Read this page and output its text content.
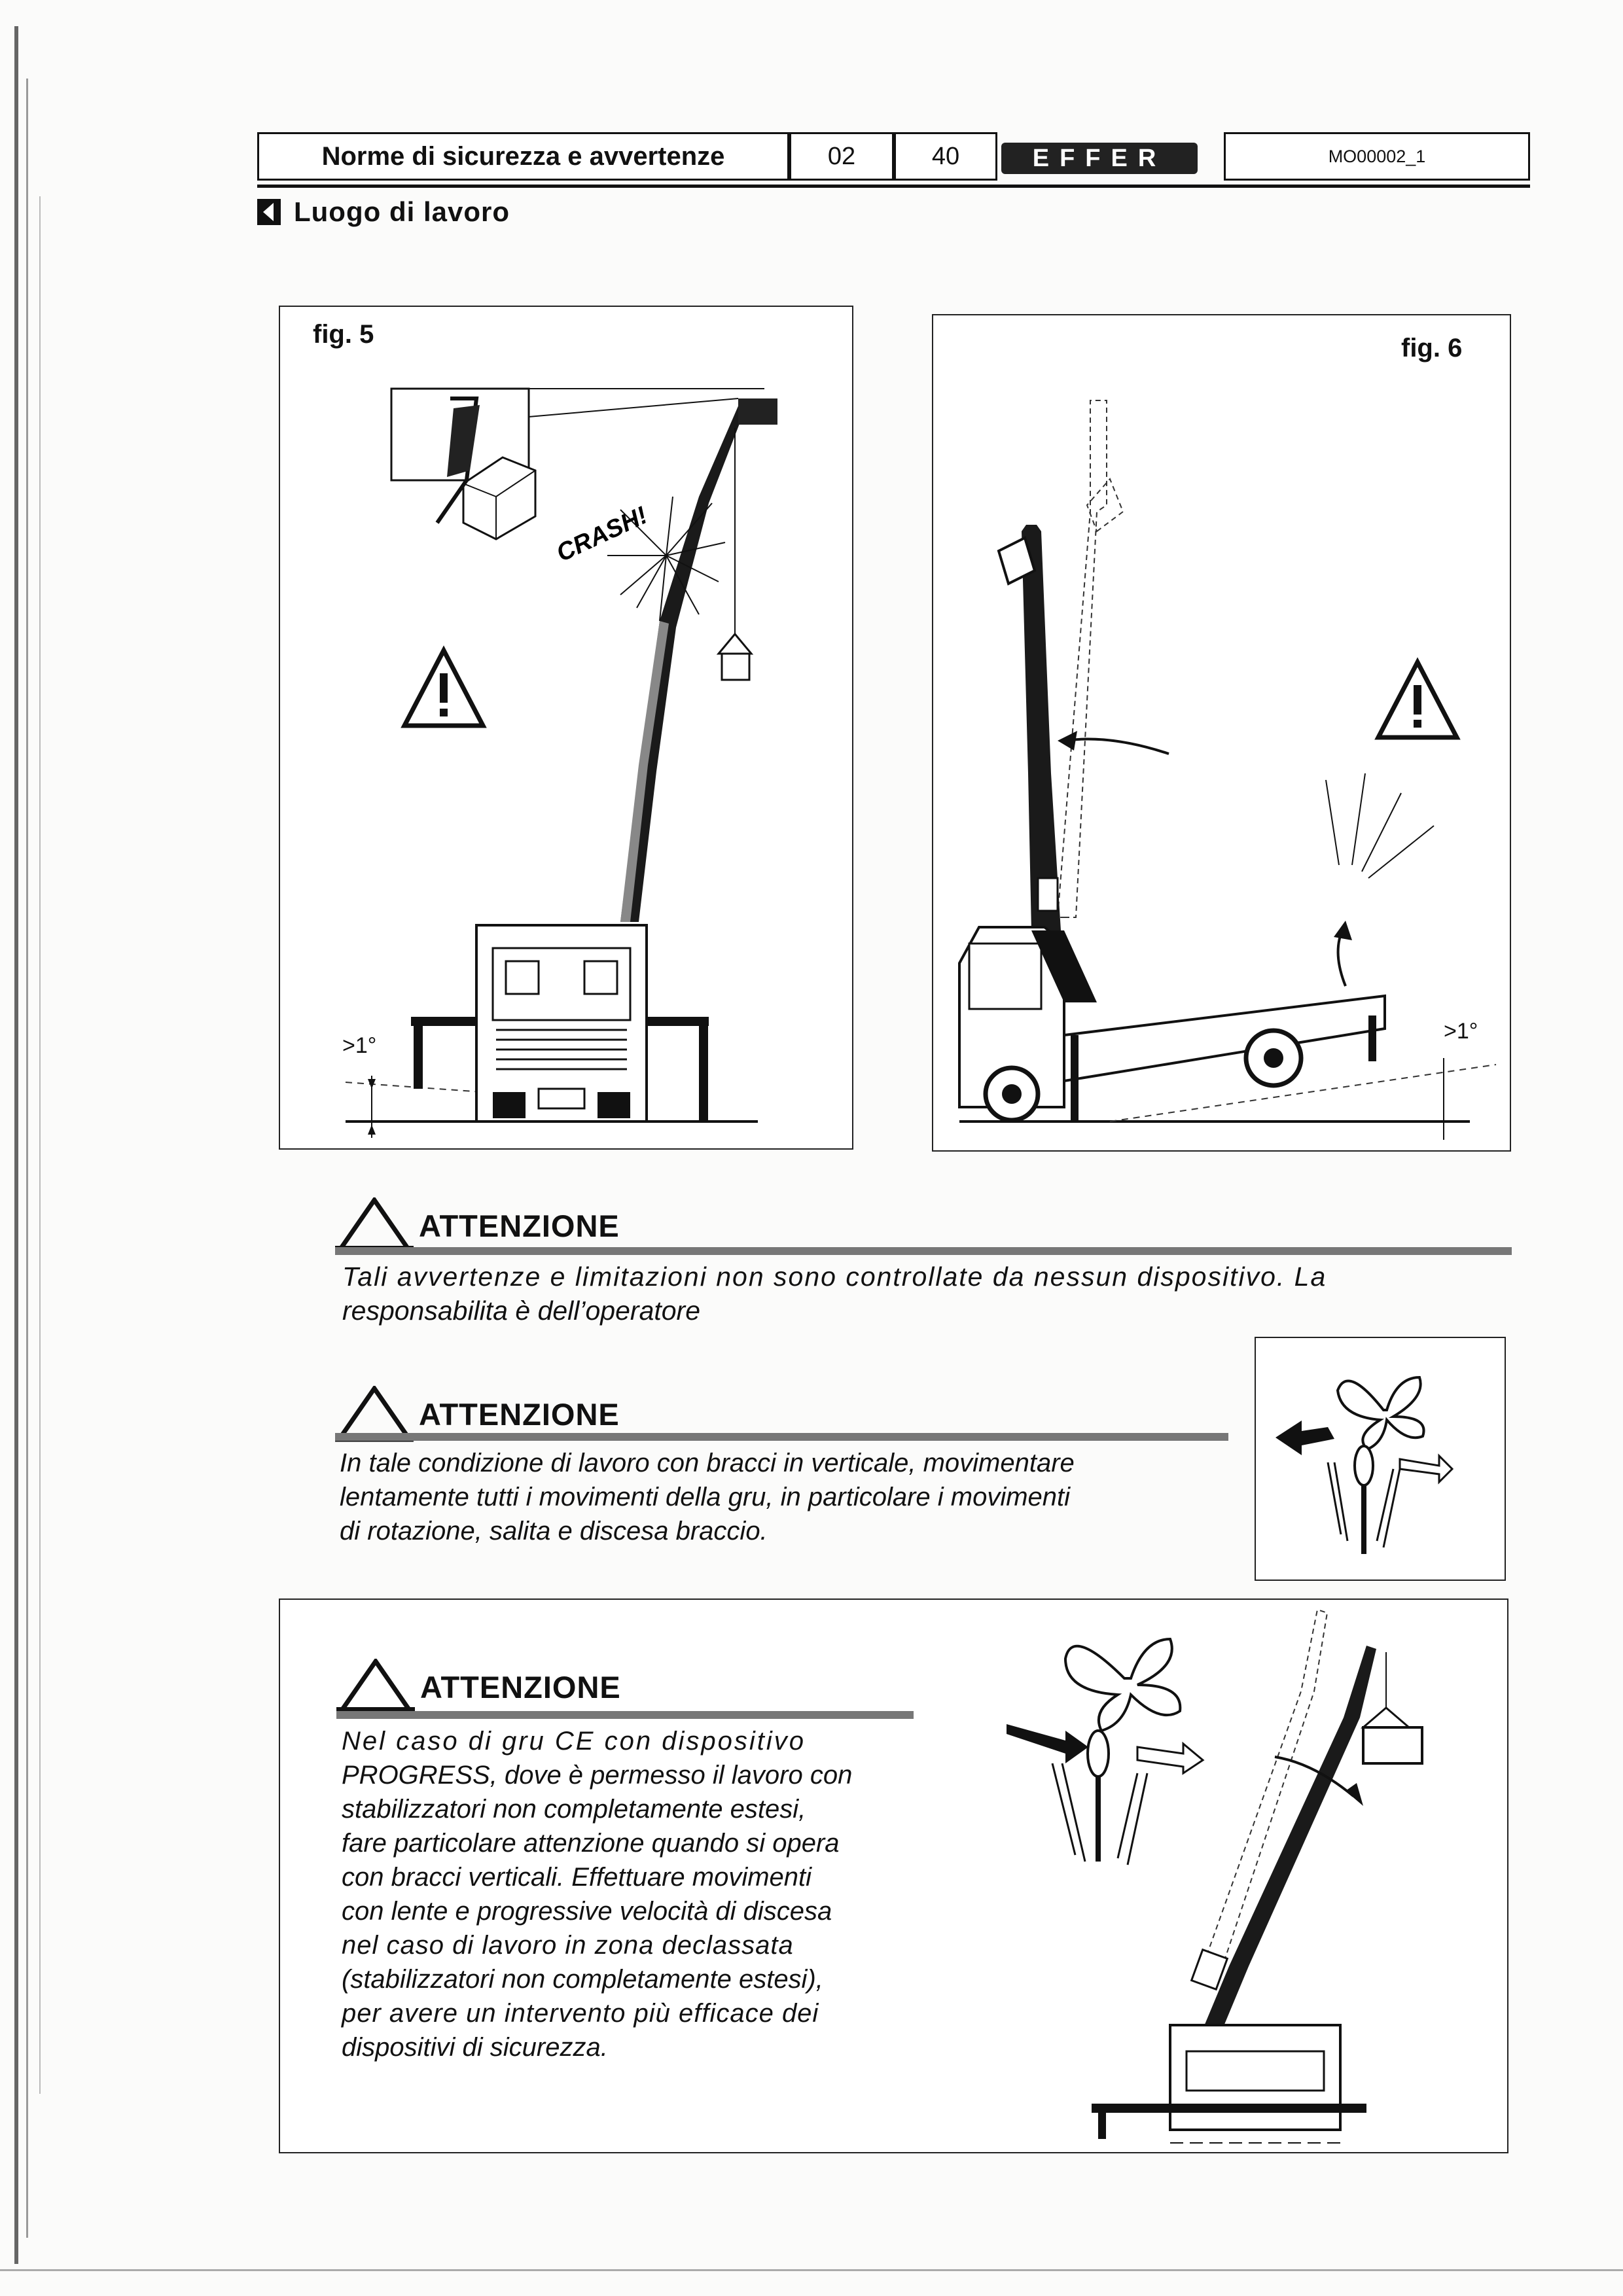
Norme di sicurezza e avvertenze	02	40	EFFER	MO00002_1
Luogo di lavoro
fig. 5
CRASH!
>1°
fig. 6
>1°
ATTENZIONE
Tali avvertenze e limitazioni non sono controllate da nessun dispositivo. La
responsabilita è dell’operatore
ATTENZIONE
In tale condizione di lavoro con bracci in verticale, movimentare
lentamente tutti i movimenti della gru, in particolare i movimenti
di rotazione, salita e discesa braccio.
ATTENZIONE
Nel caso di gru CE con dispositivo
PROGRESS, dove è permesso il lavoro con
stabilizzatori non completamente estesi,
fare particolare attenzione quando si opera
con bracci verticali. Effettuare movimenti
con lente e progressive velocità di discesa
nel caso di lavoro in zona declassata
(stabilizzatori non completamente estesi),
per avere un intervento più efficace dei
dispositivi di sicurezza.
